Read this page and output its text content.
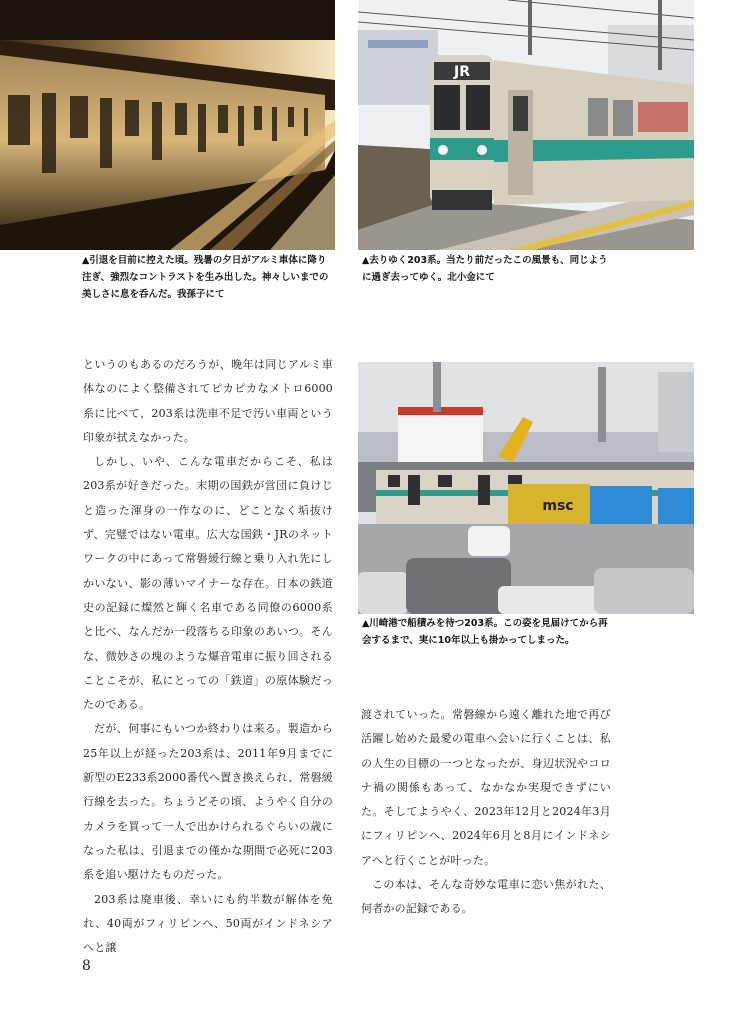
▲引退を目前に控えた頃。残暑の夕日がアルミ車体に降り注ぎ、強烈なコントラストを生み出した。神々しいまでの美しさに息を呑んだ。我孫子にて

JR

▲去りゆく203系。当たり前だったこの風景も、同じように過ぎ去ってゆく。北小金にて

というのもあるのだろうが、晩年は同じアルミ車体なのによく整備されてピカピカなメトロ6000系に比べて、203系は洗車不足で汚い車両という印象が拭えなかった。

しかし、いや、こんな電車だからこそ、私は203系が好きだった。末期の国鉄が営団に負けじと造った渾身の一作なのに、どことなく垢抜けず、完璧ではない電車。広大な国鉄・JRのネットワークの中にあって常磐緩行線と乗り入れ先にしかいない、影の薄いマイナーな存在。日本の鉄道史の記録に燦然と輝く名車である同僚の6000系と比べ、なんだか一段落ちる印象のあいつ。そんな、微妙さの塊のような爆音電車に振り回されることこそが、私にとっての「鉄道」の原体験だったのである。

だが、何事にもいつか終わりは来る。製造から25年以上が経った203系は、2011年9月までに新型のE233系2000番代へ置き換えられ、常磐緩行線を去った。ちょうどその頃、ようやく自分のカメラを買って一人で出かけられるぐらいの歳になった私は、引退までの僅かな期間で必死に203系を追い駆けたものだった。

203系は廃車後、幸いにも約半数が解体を免れ、40両がフィリピンへ、50両がインドネシアへと譲

msc

▲川崎港で船積みを待つ203系。この姿を見届けてから再会するまで、実に10年以上も掛かってしまった。

渡されていった。常磐線から遠く離れた地で再び活躍し始めた最愛の電車へ会いに行くことは、私の人生の目標の一つとなったが、身辺状況やコロナ禍の関係もあって、なかなか実現できずにいた。そしてようやく、2023年12月と2024年3月にフィリピンへ、2024年6月と8月にインドネシアへと行くことが叶った。

この本は、そんな奇妙な電車に恋い焦がれた、何者かの記録である。

8
